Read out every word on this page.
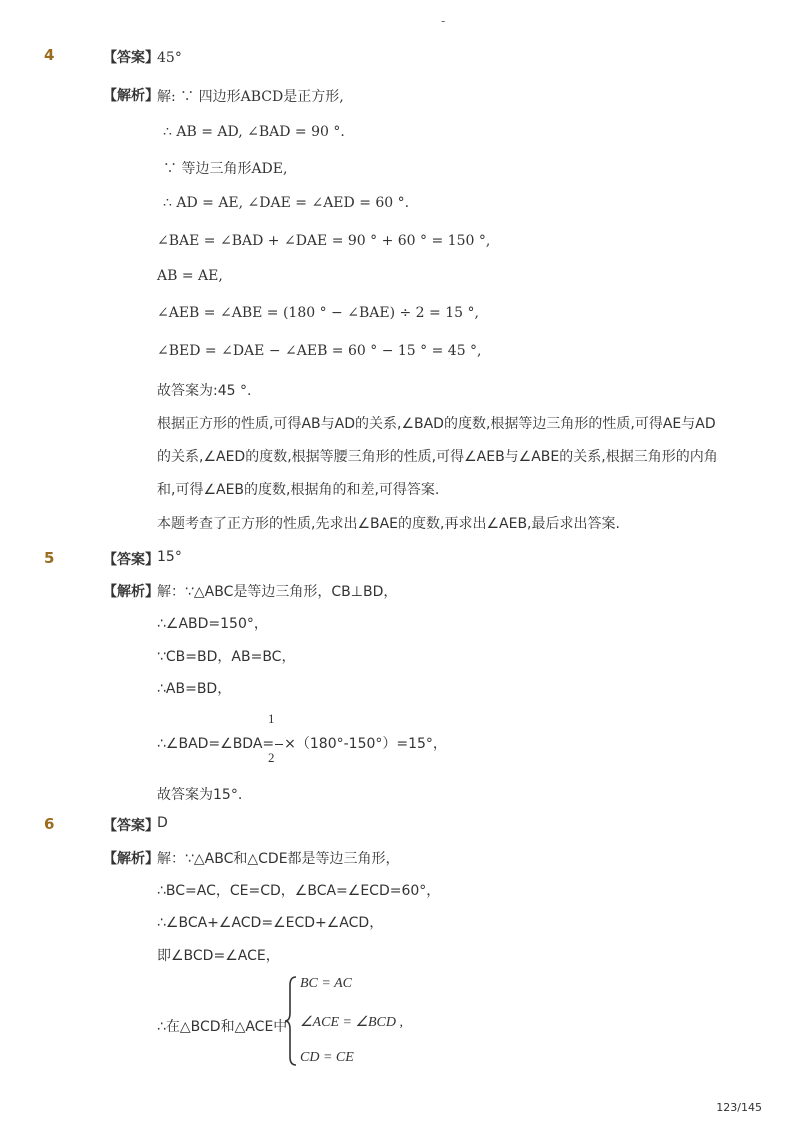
-
4	【答案】
45°
【解析】
解: ∵ 四边形ABCD是正方形,
∴ AB = AD, ∠BAD = 90 °.
∵ 等边三角形ADE,
∴ AD = AE, ∠DAE = ∠AED = 60 °.
∠BAE = ∠BAD + ∠DAE = 90 ° + 60 ° = 150 °,
AB = AE,
∠AEB = ∠ABE = (180 ° − ∠BAE) ÷ 2 = 15 °,
∠BED = ∠DAE − ∠AEB = 60 ° − 15 ° = 45 °,
故答案为:45 °.
根据正方形的性质,可得AB与AD的关系,∠BAD的度数,根据等边三角形的性质,可得AE与AD的关系,∠AED的度数,根据等腰三角形的性质,可得∠AEB与∠ABE的关系,根据三角形的内角和,可得∠AEB的度数,根据角的和差,可得答案.
本题考查了正方形的性质,先求出∠BAE的度数,再求出∠AEB,最后求出答案.
5	【答案】
15°
【解析】
解：∵△ABC是等边三角形，CB⊥BD，
∴∠ABD=150°，
∵CB=BD，AB=BC，
∴AB=BD，
1
∴∠BAD=∠BDA= ×（180°-150°）=15°，
2
故答案为15°.
6	【答案】
D
【解析】
解：∵△ABC和△CDE都是等边三角形，
∴BC=AC，CE=CD，∠BCA=∠ECD=60°，
∴∠BCA+∠ACD=∠ECD+∠ACD，
即∠BCD=∠ACE，
∴在△BCD和△ACE中
BC = AC
∠ACE = ∠BCD ,
CD = CE
123/145
